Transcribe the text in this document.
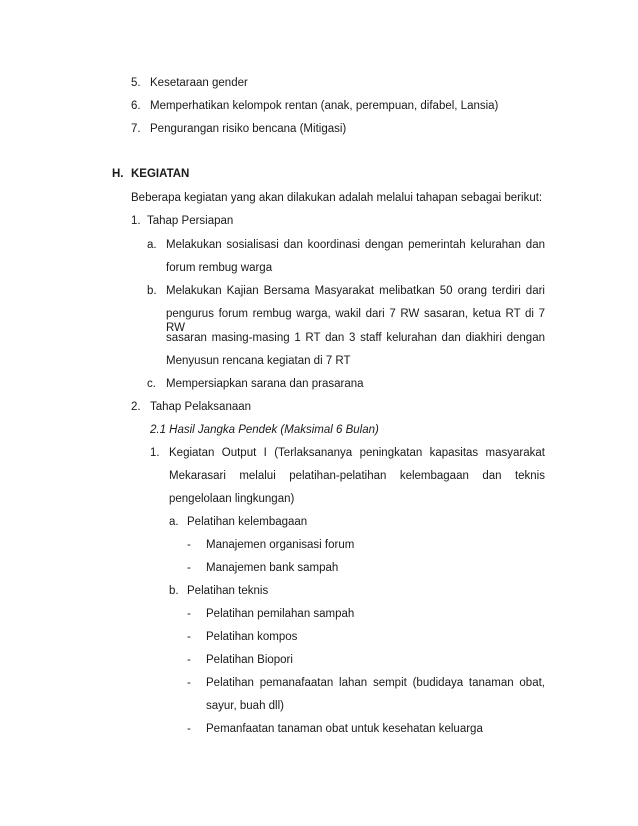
5. Kesetaraan gender
6. Memperhatikan kelompok rentan (anak, perempuan, difabel, Lansia)
7. Pengurangan risiko bencana (Mitigasi)
H. KEGIATAN
Beberapa kegiatan yang akan dilakukan adalah melalui tahapan sebagai berikut:
1. Tahap Persiapan
a. Melakukan sosialisasi dan koordinasi dengan pemerintah kelurahan dan
forum rembug warga
b. Melakukan Kajian Bersama Masyarakat melibatkan 50 orang terdiri dari
pengurus forum rembug warga, wakil dari 7 RW sasaran, ketua RT di 7 RW
sasaran masing-masing 1 RT dan 3 staff kelurahan dan diakhiri dengan
Menyusun rencana kegiatan di 7 RT
c. Mempersiapkan sarana dan prasarana
2. Tahap Pelaksanaan
2.1 Hasil Jangka Pendek (Maksimal 6 Bulan)
1. Kegiatan Output I (Terlaksananya peningkatan kapasitas masyarakat
Mekarasari melalui pelatihan-pelatihan kelembagaan dan teknis
pengelolaan lingkungan)
a. Pelatihan kelembagaan
- Manajemen organisasi forum
- Manajemen bank sampah
b. Pelatihan teknis
- Pelatihan pemilahan sampah
- Pelatihan kompos
- Pelatihan Biopori
- Pelatihan pemanafaatan lahan sempit (budidaya tanaman obat,
sayur, buah dll)
- Pemanfaatan tanaman obat untuk kesehatan keluarga
